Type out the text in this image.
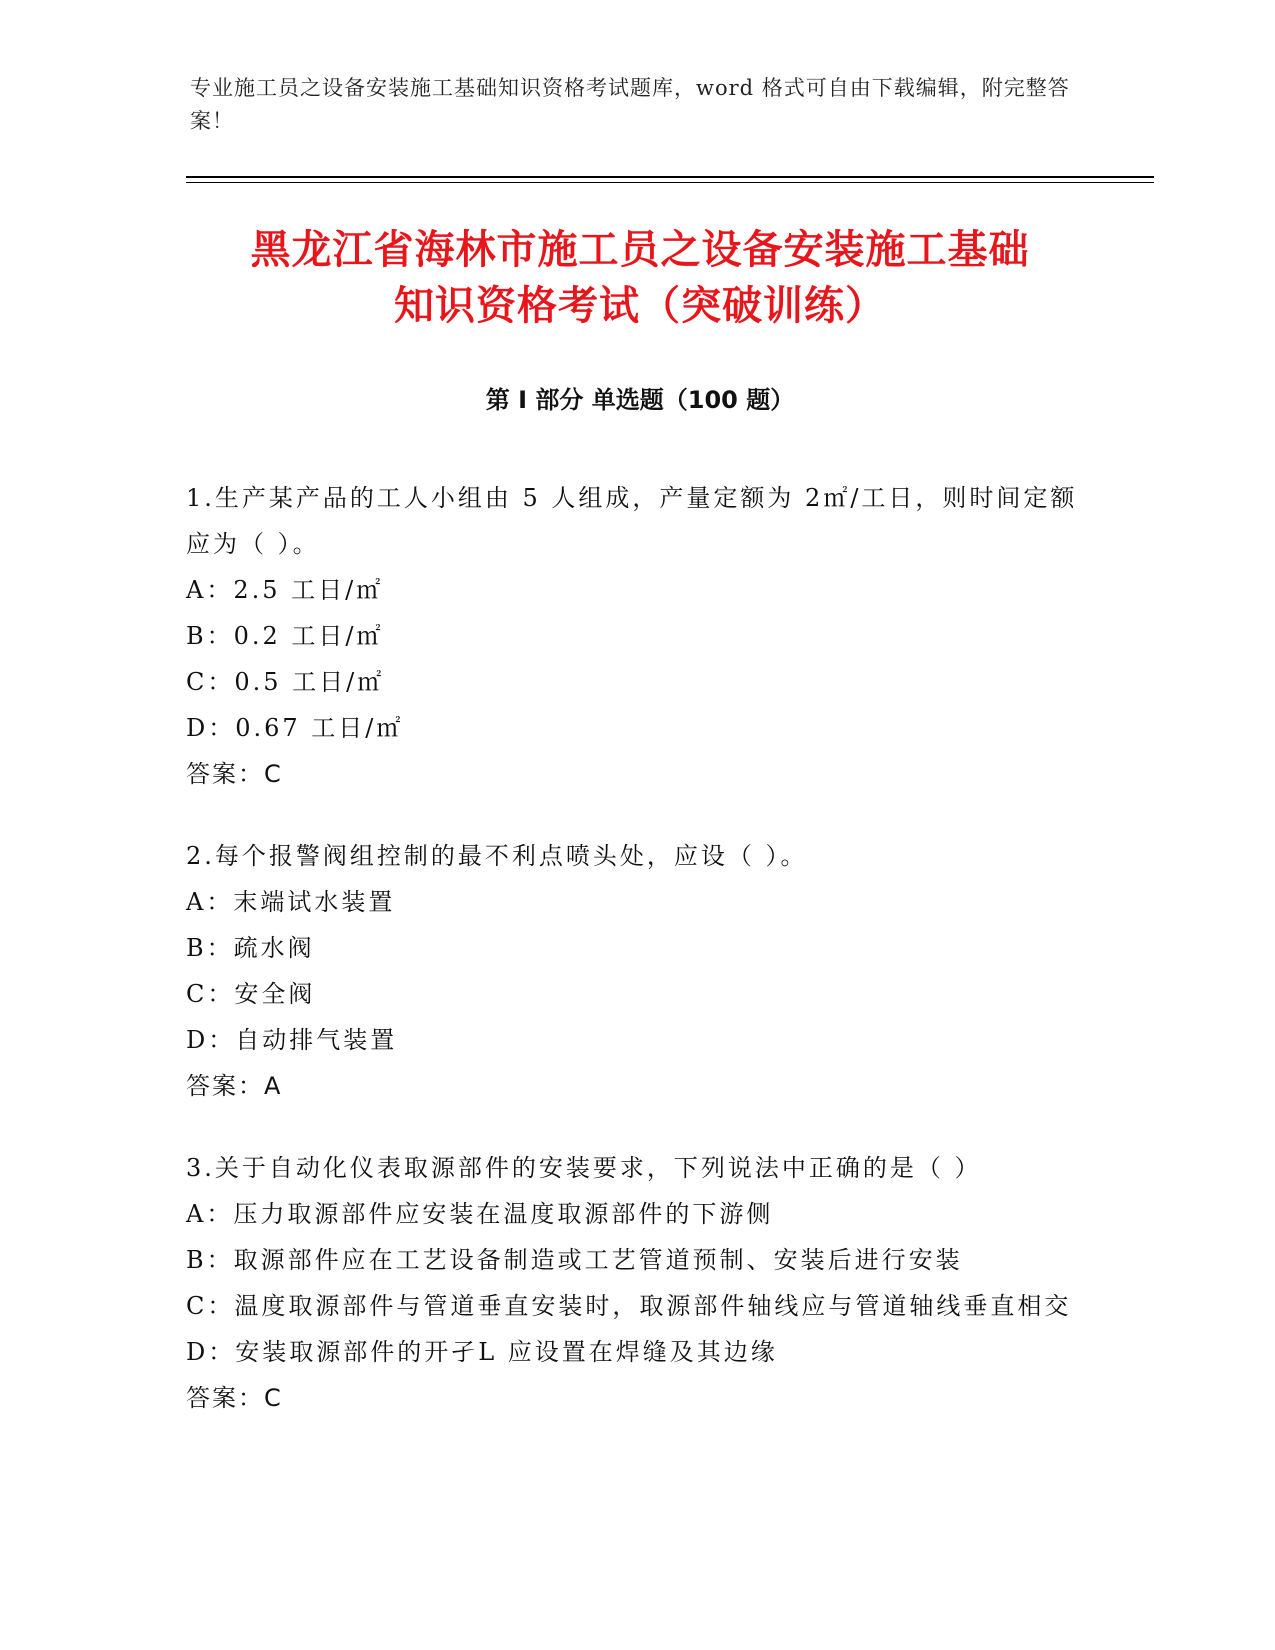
专业施工员之设备安装施工基础知识资格考试题库，word 格式可自由下载编辑，附完整答案！
黑龙江省海林市施工员之设备安装施工基础
知识资格考试（突破训练）
第 I 部分 单选题（100 题）
1.生产某产品的工人小组由 5 人组成，产量定额为 2㎡/工日，则时间定额应为（ ）。
A：2.5 工日/㎡
B：0.2 工日/㎡
C：0.5 工日/㎡
D：0.67 工日/㎡
答案：C
2.每个报警阀组控制的最不利点喷头处，应设（ ）。
A：末端试水装置
B：疏水阀
C：安全阀
D：自动排气装置
答案：A
3.关于自动化仪表取源部件的安装要求，下列说法中正确的是（ ）
A：压力取源部件应安装在温度取源部件的下游侧
B：取源部件应在工艺设备制造或工艺管道预制、安装后进行安装
C：温度取源部件与管道垂直安装时，取源部件轴线应与管道轴线垂直相交
D：安装取源部件的开孑L 应设置在焊缝及其边缘
答案：C
